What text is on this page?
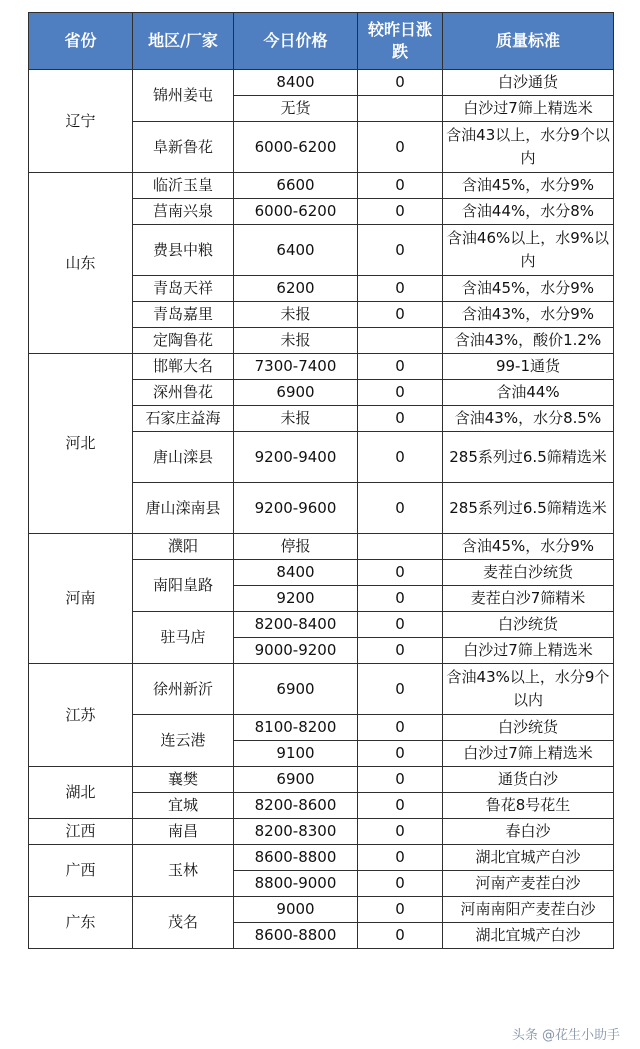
省份	地区/厂家	今日价格	较昨日涨跌	质量标准
辽宁	锦州姜屯	8400	0	白沙通货
		无货		白沙过7筛上精选米
	阜新鲁花	6000-6200	0	含油43以上，水分9个以内
山东	临沂玉皇	6600	0	含油45%，水分9%
	莒南兴泉	6000-6200	0	含油44%，水分8%
	费县中粮	6400	0	含油46%以上，水9%以内
	青岛天祥	6200	0	含油45%，水分9%
	青岛嘉里	未报	0	含油43%，水分9%
	定陶鲁花	未报		含油43%，酸价1.2%
河北	邯郸大名	7300-7400	0	99-1通货
	深州鲁花	6900	0	含油44%
	石家庄益海	未报	0	含油43%，水分8.5%
	唐山滦县	9200-9400	0	285系列过6.5筛精选米
	唐山滦南县	9200-9600	0	285系列过6.5筛精选米
河南	濮阳	停报		含油45%，水分9%
	南阳皇路	8400	0	麦茬白沙统货
		9200	0	麦茬白沙7筛精米
	驻马店	8200-8400	0	白沙统货
		9000-9200	0	白沙过7筛上精选米
江苏	徐州新沂	6900	0	含油43%以上，水分9个以内
	连云港	8100-8200	0	白沙统货
		9100	0	白沙过7筛上精选米
湖北	襄樊	6900	0	通货白沙
	宜城	8200-8600	0	鲁花8号花生
江西	南昌	8200-8300	0	春白沙
广西	玉林	8600-8800	0	湖北宜城产白沙
		8800-9000	0	河南产麦茬白沙
广东	茂名	9000	0	河南南阳产麦茬白沙
		8600-8800	0	湖北宜城产白沙
头条 @花生小助手
